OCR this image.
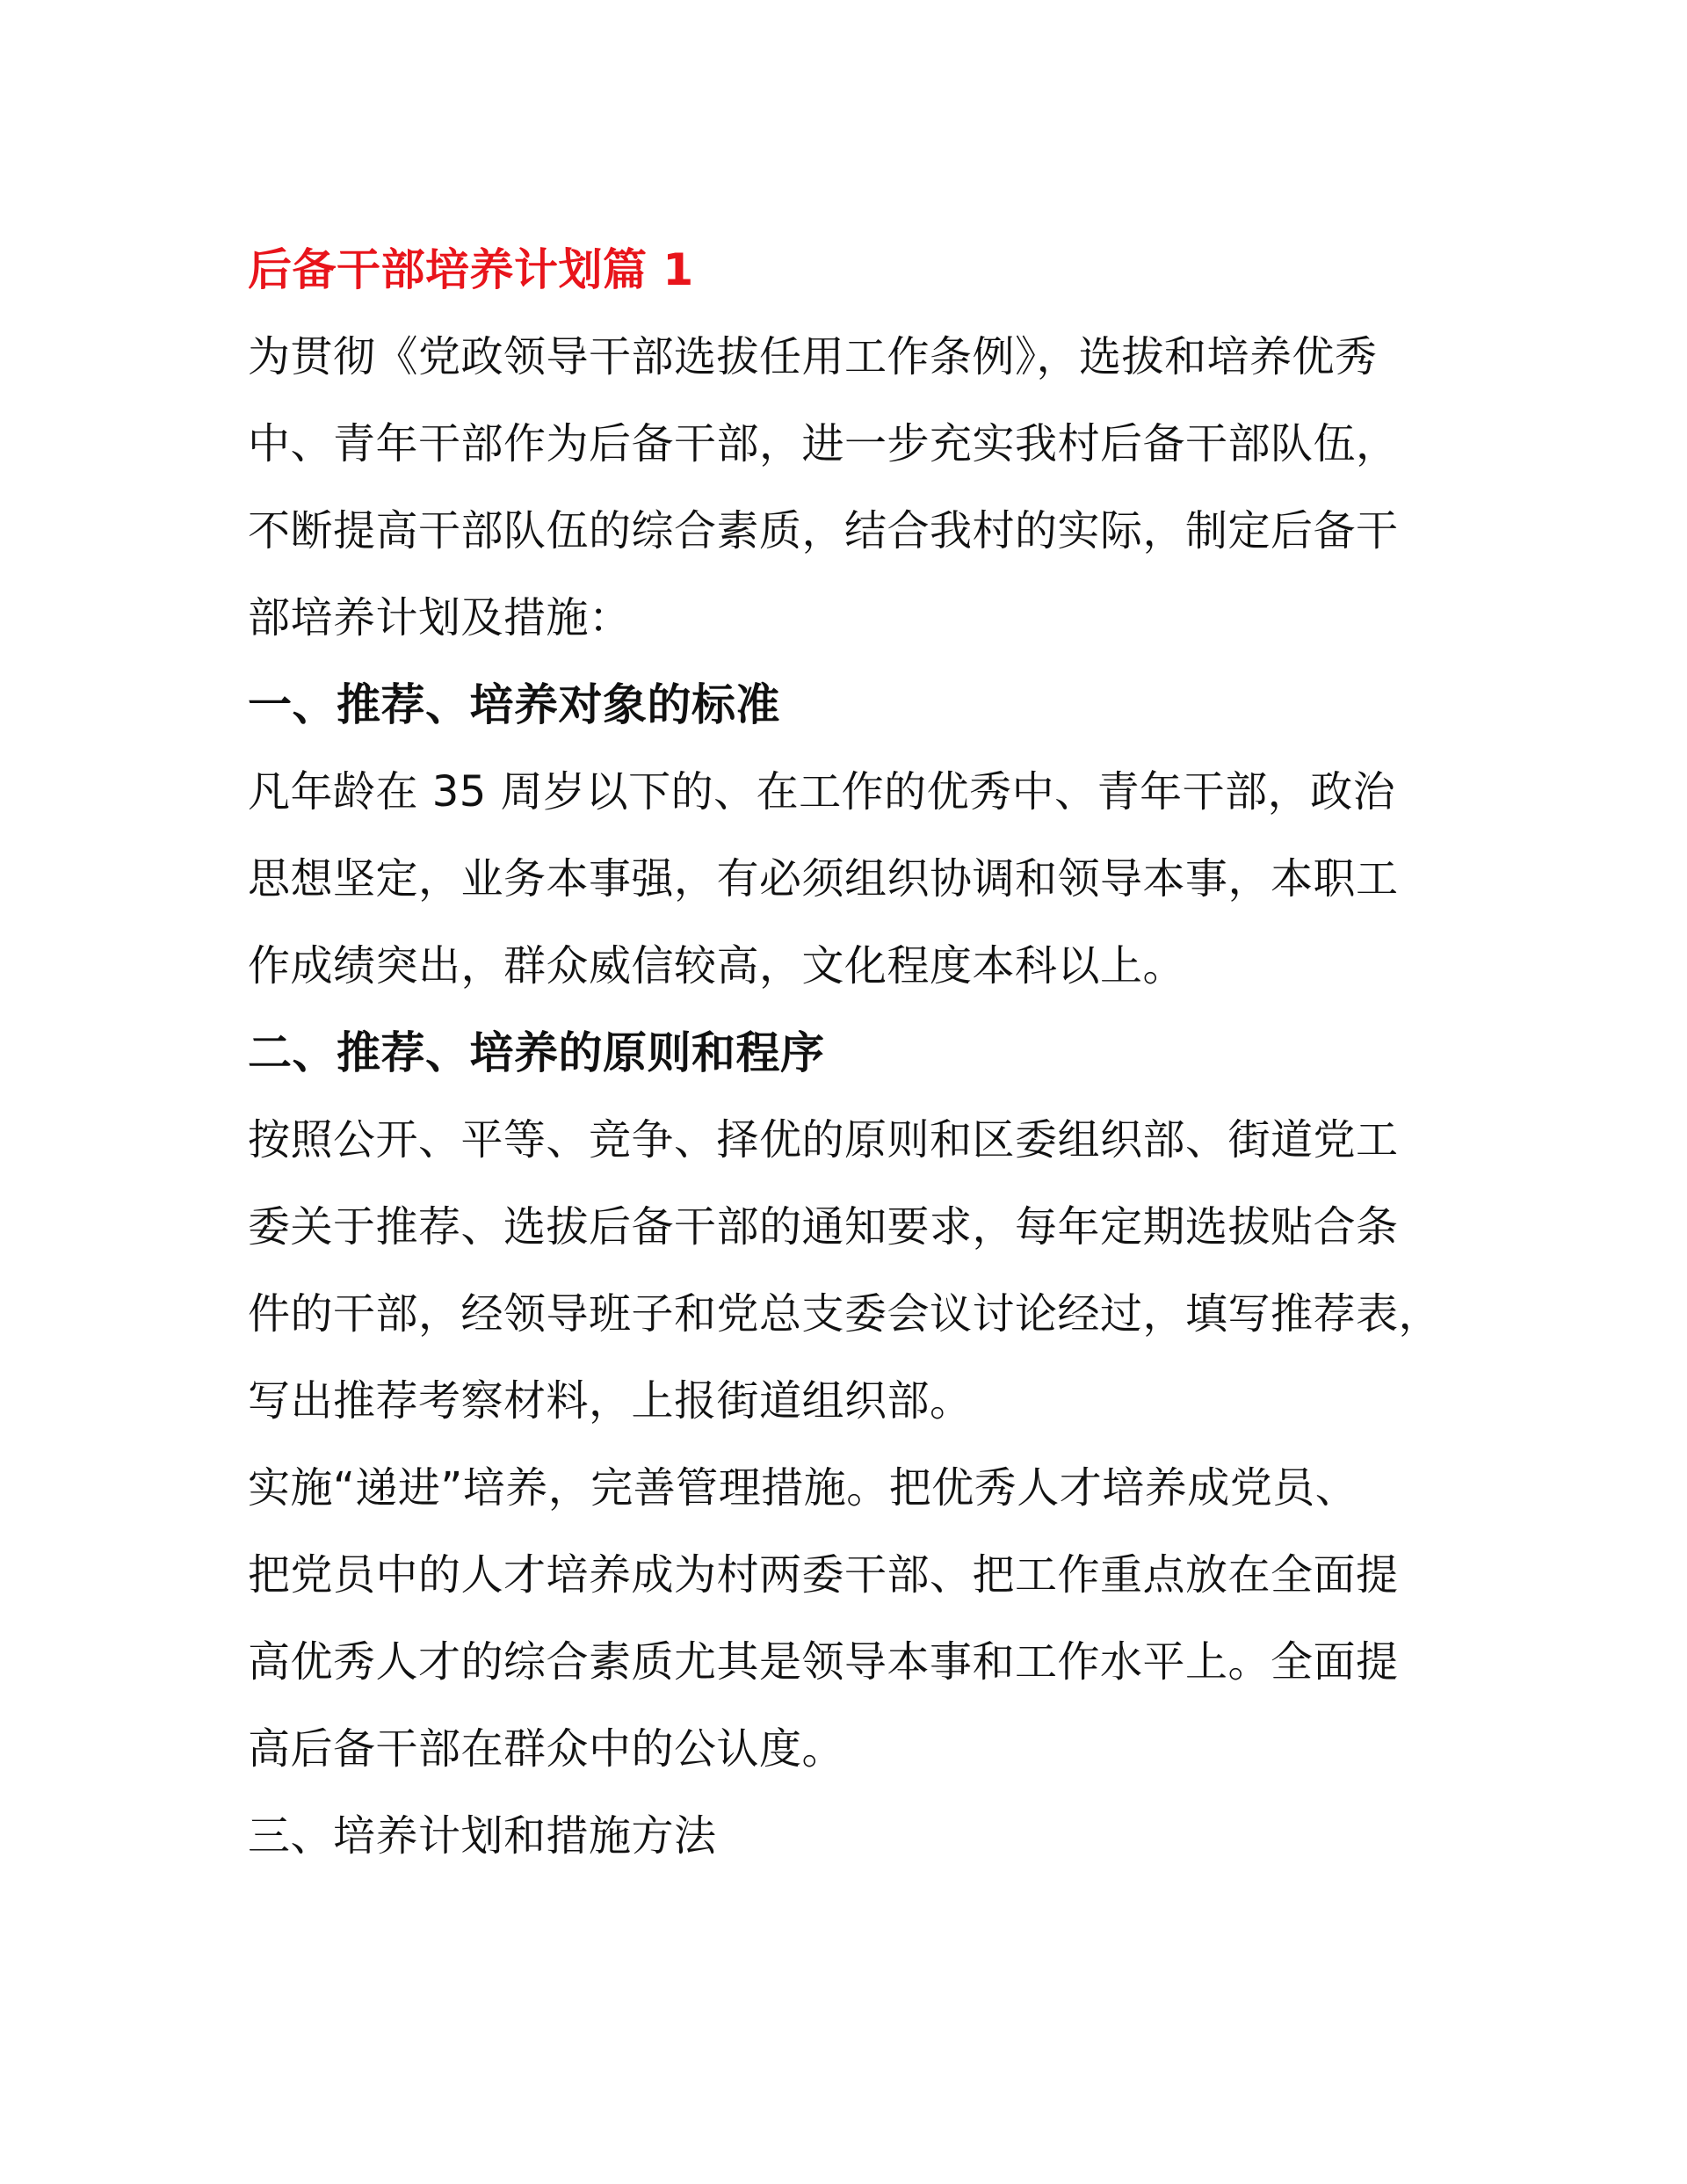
后备干部培养计划篇 1
为贯彻《党政领导干部选拔任用工作条例》，选拔和培养优秀
中、青年干部作为后备干部，进一步充实我村后备干部队伍，
不断提高干部队伍的综合素质，结合我村的实际，制定后备干
部培养计划及措施：
一、推荐、培养对象的标准
凡年龄在 35 周岁以下的、在工作的优秀中、青年干部，政治
思想坚定，业务本事强，有必须组织协调和领导本事，本职工
作成绩突出，群众威信较高，文化程度本科以上。
二、推荐、培养的原则和程序
按照公开、平等、竞争、择优的原则和区委组织部、街道党工
委关于推荐、选拔后备干部的通知要求，每年定期选拔贴合条
件的干部，经领导班子和党总支委会议讨论经过，填写推荐表，
写出推荐考察材料，上报街道组织部。
实施“递进”培养，完善管理措施。把优秀人才培养成党员、
把党员中的人才培养成为村两委干部、把工作重点放在全面提
高优秀人才的综合素质尤其是领导本事和工作水平上。全面提
高后备干部在群众中的公认度。
三、培养计划和措施方法
